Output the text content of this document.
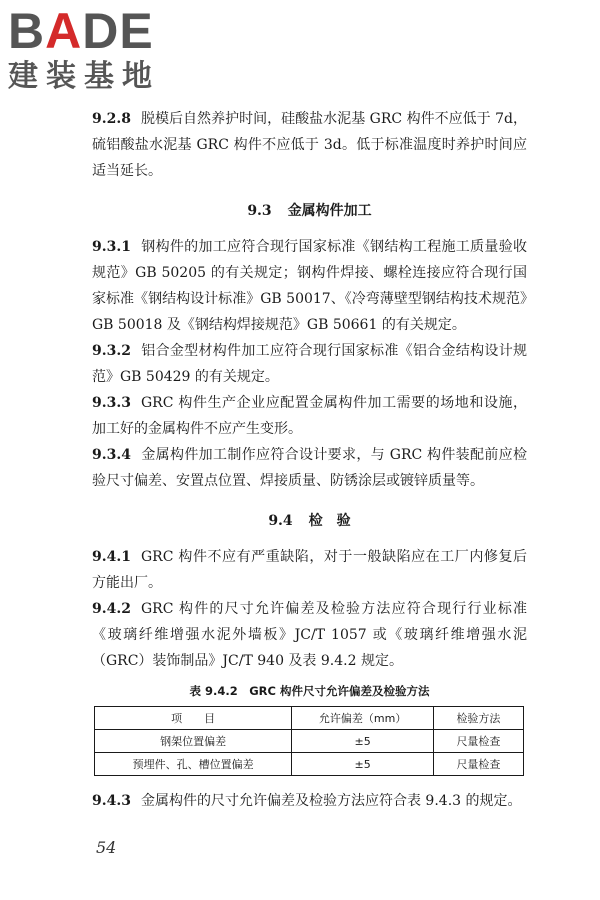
BADE
建装基地

9.2.8 脱模后自然养护时间，硅酸盐水泥基 GRC 构件不应低于 7d，硫铝酸盐水泥基 GRC 构件不应低于 3d。低于标准温度时养护时间应适当延长。

9.3 金属构件加工

9.3.1 钢构件的加工应符合现行国家标准《钢结构工程施工质量验收规范》GB 50205 的有关规定；钢构件焊接、螺栓连接应符合现行国家标准《钢结构设计标准》GB 50017、《冷弯薄壁型钢结构技术规范》GB 50018 及《钢结构焊接规范》GB 50661 的有关规定。

9.3.2 铝合金型材构件加工应符合现行国家标准《铝合金结构设计规范》GB 50429 的有关规定。

9.3.3 GRC 构件生产企业应配置金属构件加工需要的场地和设施，加工好的金属构件不应产生变形。

9.3.4 金属构件加工制作应符合设计要求，与 GRC 构件装配前应检验尺寸偏差、安置点位置、焊接质量、防锈涂层或镀锌质量等。

9.4 检　验

9.4.1 GRC 构件不应有严重缺陷，对于一般缺陷应在工厂内修复后方能出厂。

9.4.2 GRC 构件的尺寸允许偏差及检验方法应符合现行行业标准《玻璃纤维增强水泥外墙板》JC/T 1057 或《玻璃纤维增强水泥（GRC）装饰制品》JC/T 940 及表 9.4.2 规定。

表 9.4.2　GRC 构件尺寸允许偏差及检验方法
项　　目	允许偏差（mm）	检验方法
钢架位置偏差	±5	尺量检查
预埋件、孔、槽位置偏差	±5	尺量检查

9.4.3 金属构件的尺寸允许偏差及检验方法应符合表 9.4.3 的规定。

54
